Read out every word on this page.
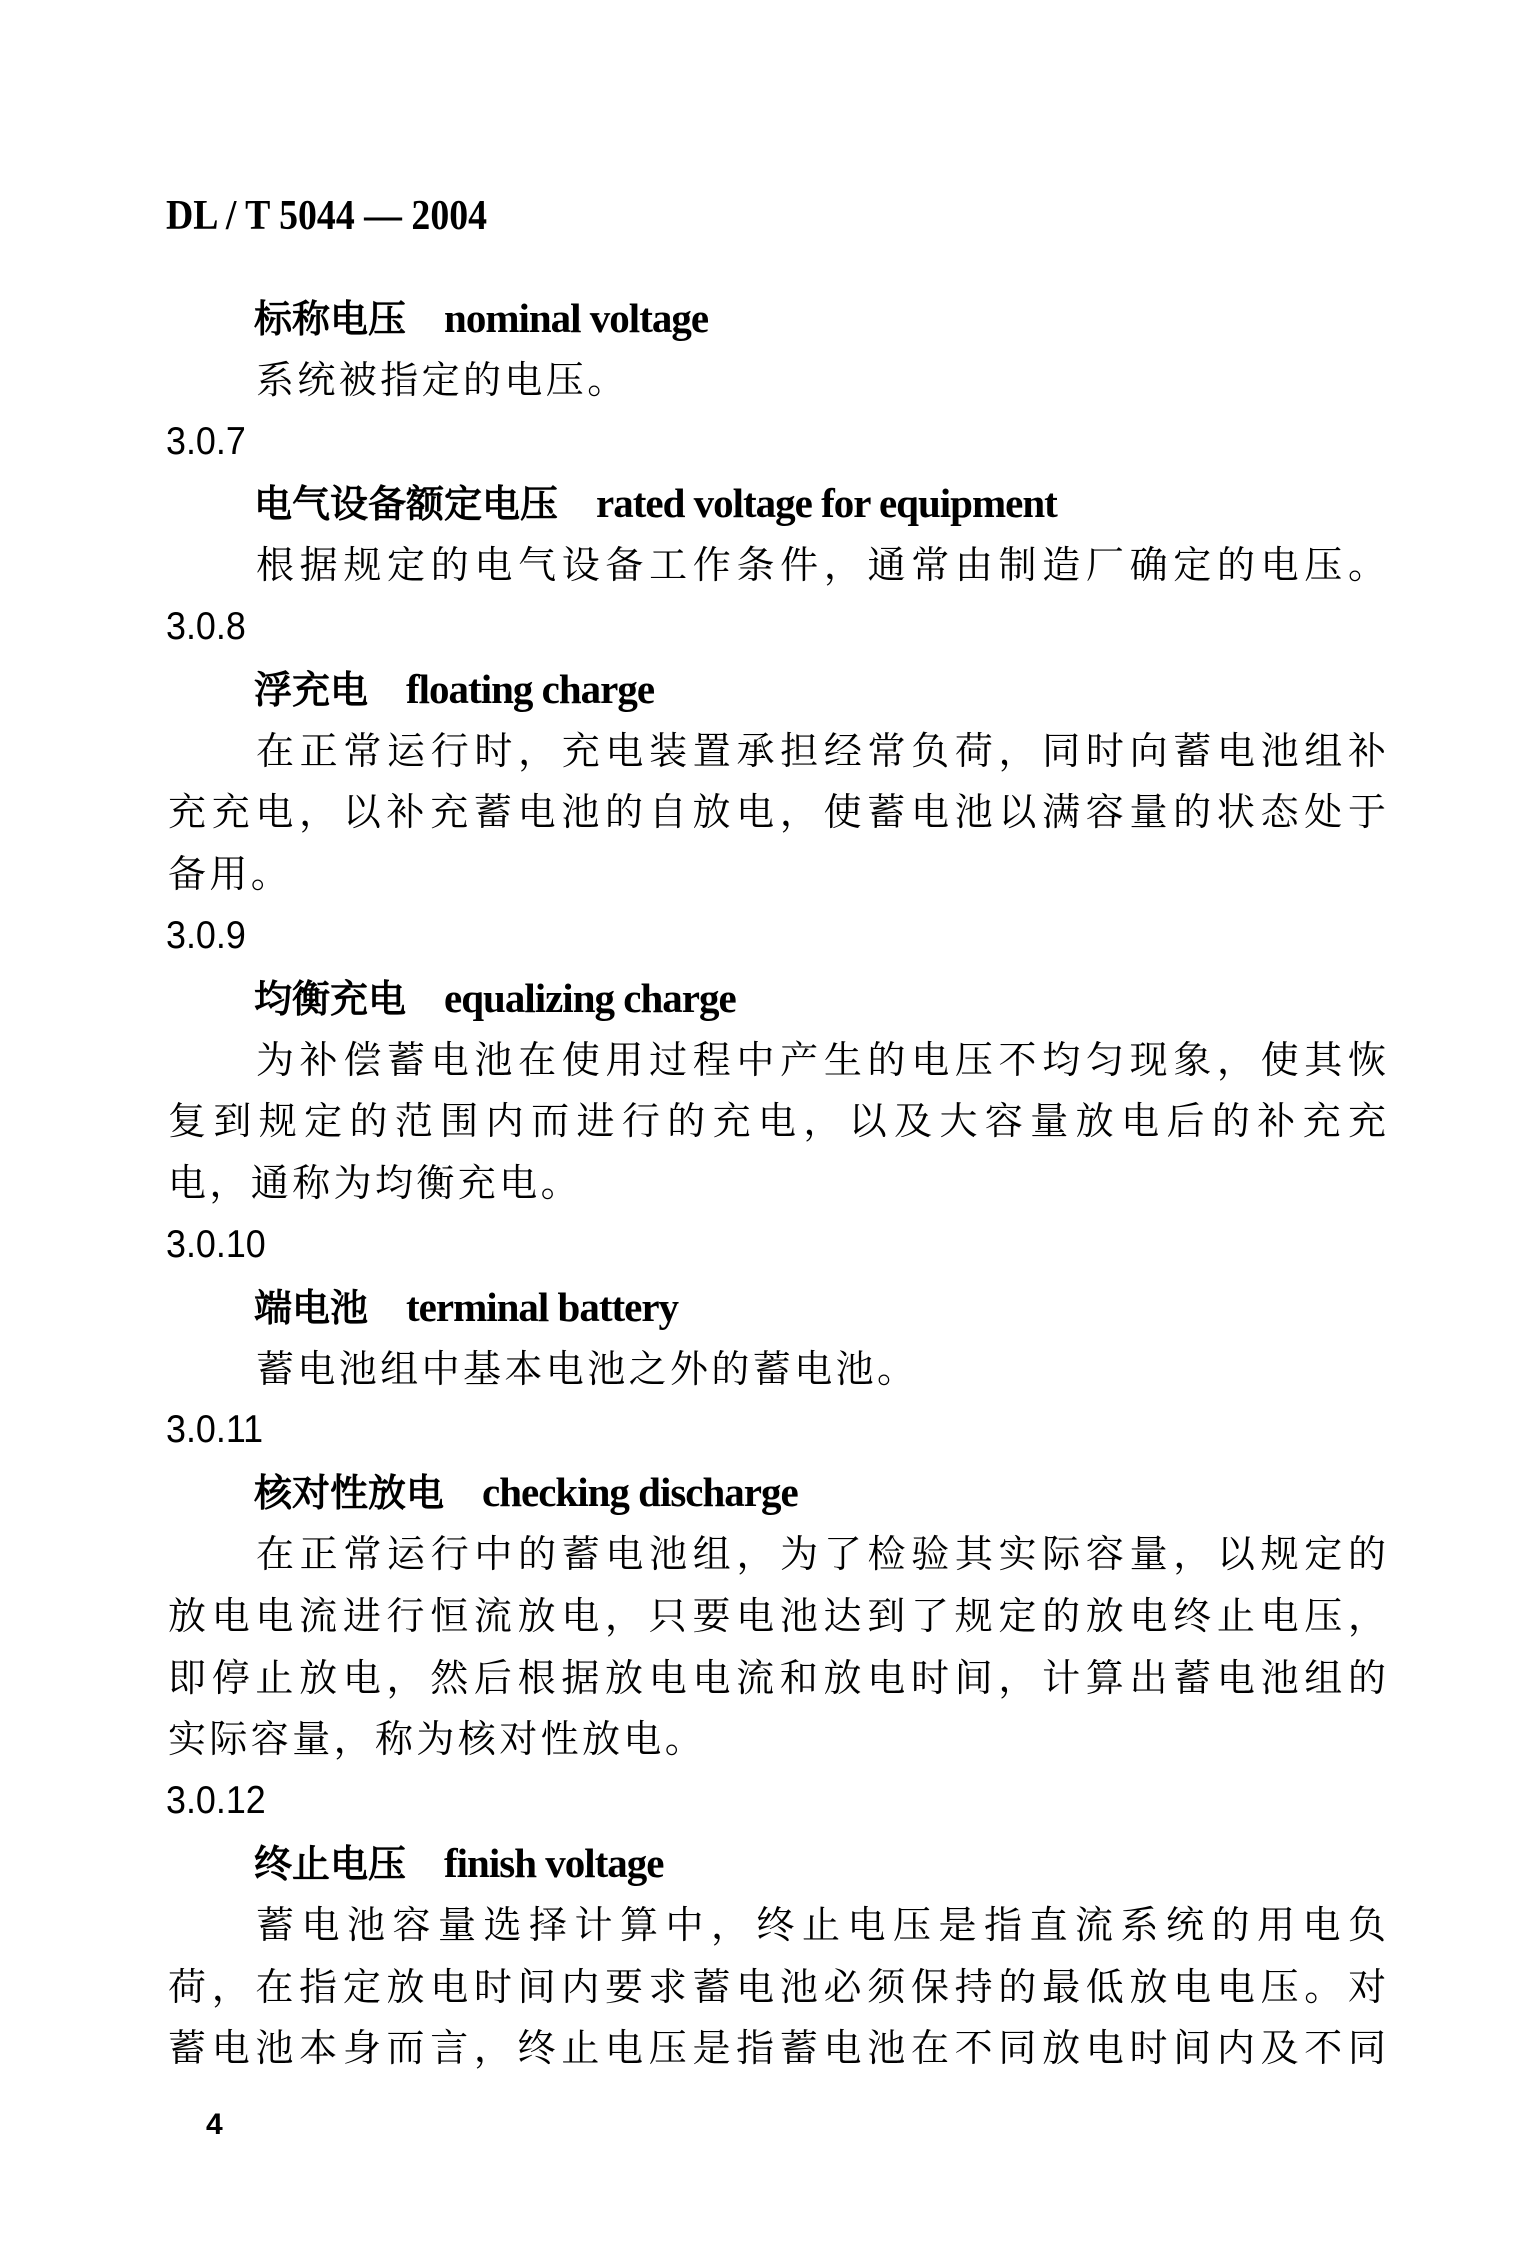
DL / T 5044 — 2004
标称电压 nominal voltage
系统被指定的电压。
3.0.7
电气设备额定电压 rated voltage for equipment
根据规定的电气设备工作条件，通常由制造厂确定的电压。
3.0.8
浮充电 floating charge
在正常运行时，充电装置承担经常负荷，同时向蓄电池组补
充充电，以补充蓄电池的自放电，使蓄电池以满容量的状态处于
备用。
3.0.9
均衡充电 equalizing charge
为补偿蓄电池在使用过程中产生的电压不均匀现象，使其恢
复到规定的范围内而进行的充电，以及大容量放电后的补充充
电，通称为均衡充电。
3.0.10
端电池 terminal battery
蓄电池组中基本电池之外的蓄电池。
3.0.11
核对性放电 checking discharge
在正常运行中的蓄电池组，为了检验其实际容量，以规定的
放电电流进行恒流放电，只要电池达到了规定的放电终止电压，
即停止放电，然后根据放电电流和放电时间，计算出蓄电池组的
实际容量，称为核对性放电。
3.0.12
终止电压 finish voltage
蓄电池容量选择计算中，终止电压是指直流系统的用电负
荷，在指定放电时间内要求蓄电池必须保持的最低放电电压。对
蓄电池本身而言，终止电压是指蓄电池在不同放电时间内及不同
4
